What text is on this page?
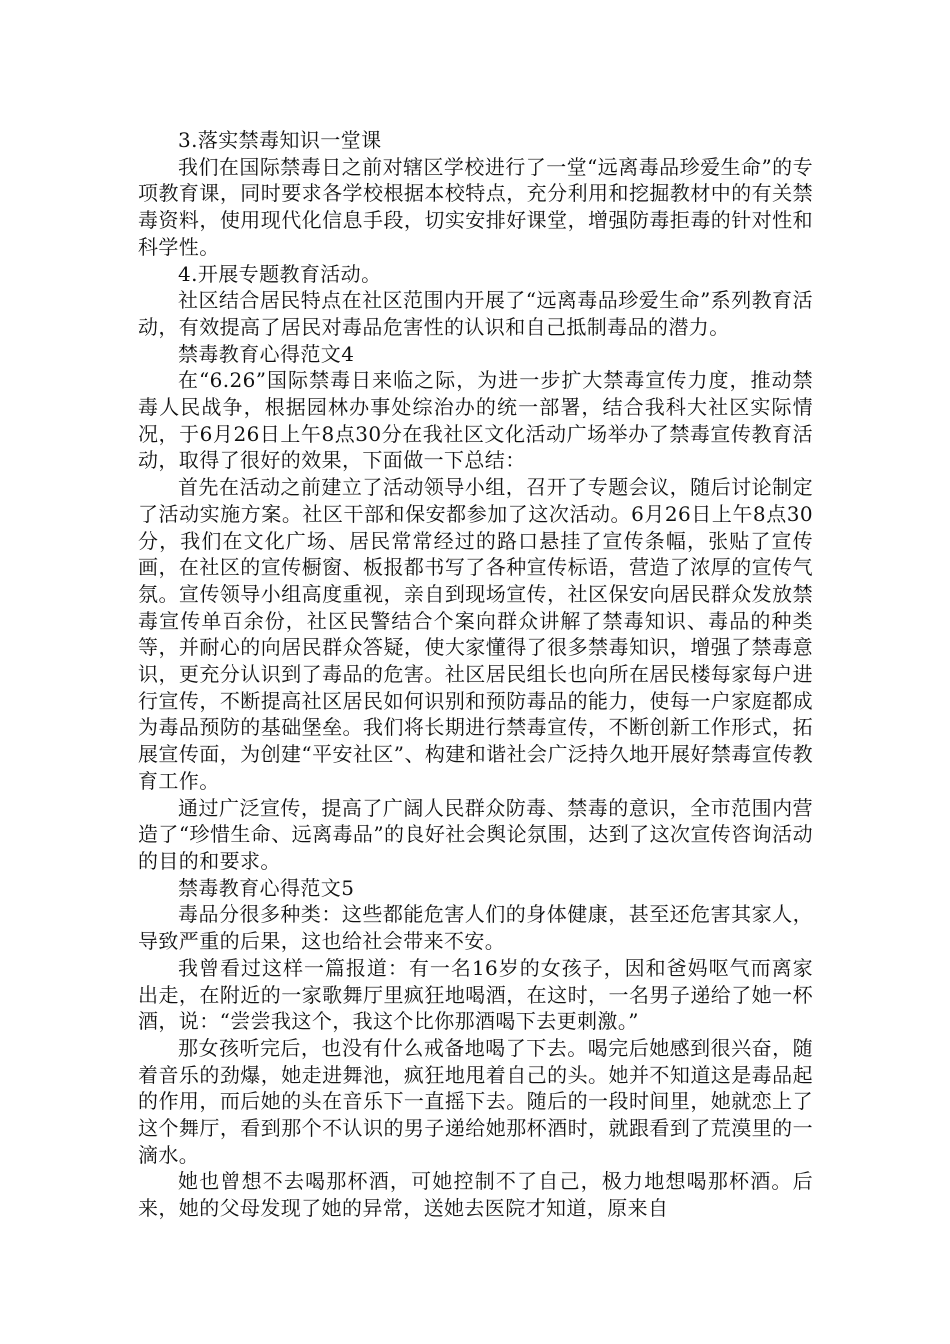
3.落实禁毒知识一堂课

我们在国际禁毒日之前对辖区学校进行了一堂“远离毒品珍爱生命”的专项教育课，同时要求各学校根据本校特点，充分利用和挖掘教材中的有关禁毒资料，使用现代化信息手段，切实安排好课堂，增强防毒拒毒的针对性和科学性。

4.开展专题教育活动。

社区结合居民特点在社区范围内开展了“远离毒品珍爱生命”系列教育活动，有效提高了居民对毒品危害性的认识和自己抵制毒品的潜力。

禁毒教育心得范文4

在“6.26”国际禁毒日来临之际，为进一步扩大禁毒宣传力度，推动禁毒人民战争，根据园林办事处综治办的统一部署，结合我科大社区实际情况，于6月26日上午8点30分在我社区文化活动广场举办了禁毒宣传教育活动，取得了很好的效果，下面做一下总结：

首先在活动之前建立了活动领导小组，召开了专题会议，随后讨论制定了活动实施方案。社区干部和保安都参加了这次活动。6月26日上午8点30分，我们在文化广场、居民常常经过的路口悬挂了宣传条幅，张贴了宣传画，在社区的宣传橱窗、板报都书写了各种宣传标语，营造了浓厚的宣传气氛。宣传领导小组高度重视，亲自到现场宣传，社区保安向居民群众发放禁毒宣传单百余份，社区民警结合个案向群众讲解了禁毒知识、毒品的种类等，并耐心的向居民群众答疑，使大家懂得了很多禁毒知识，增强了禁毒意识，更充分认识到了毒品的危害。社区居民组长也向所在居民楼每家每户进行宣传，不断提高社区居民如何识别和预防毒品的能力，使每一户家庭都成为毒品预防的基础堡垒。我们将长期进行禁毒宣传，不断创新工作形式，拓展宣传面，为创建“平安社区”、构建和谐社会广泛持久地开展好禁毒宣传教育工作。

通过广泛宣传，提高了广阔人民群众防毒、禁毒的意识，全市范围内营造了“珍惜生命、远离毒品”的良好社会舆论氛围，达到了这次宣传咨询活动的目的和要求。

禁毒教育心得范文5

毒品分很多种类：这些都能危害人们的身体健康，甚至还危害其家人，导致严重的后果，这也给社会带来不安。

我曾看过这样一篇报道：有一名16岁的女孩子，因和爸妈呕气而离家出走，在附近的一家歌舞厅里疯狂地喝酒，在这时，一名男子递给了她一杯酒，说：“尝尝我这个，我这个比你那酒喝下去更刺激。”

那女孩听完后，也没有什么戒备地喝了下去。喝完后她感到很兴奋，随着音乐的劲爆，她走进舞池，疯狂地甩着自己的头。她并不知道这是毒品起的作用，而后她的头在音乐下一直摇下去。随后的一段时间里，她就恋上了这个舞厅，看到那个不认识的男子递给她那杯酒时，就跟看到了荒漠里的一滴水。

她也曾想不去喝那杯酒，可她控制不了自己，极力地想喝那杯酒。后来，她的父母发现了她的异常，送她去医院才知道，原来自
